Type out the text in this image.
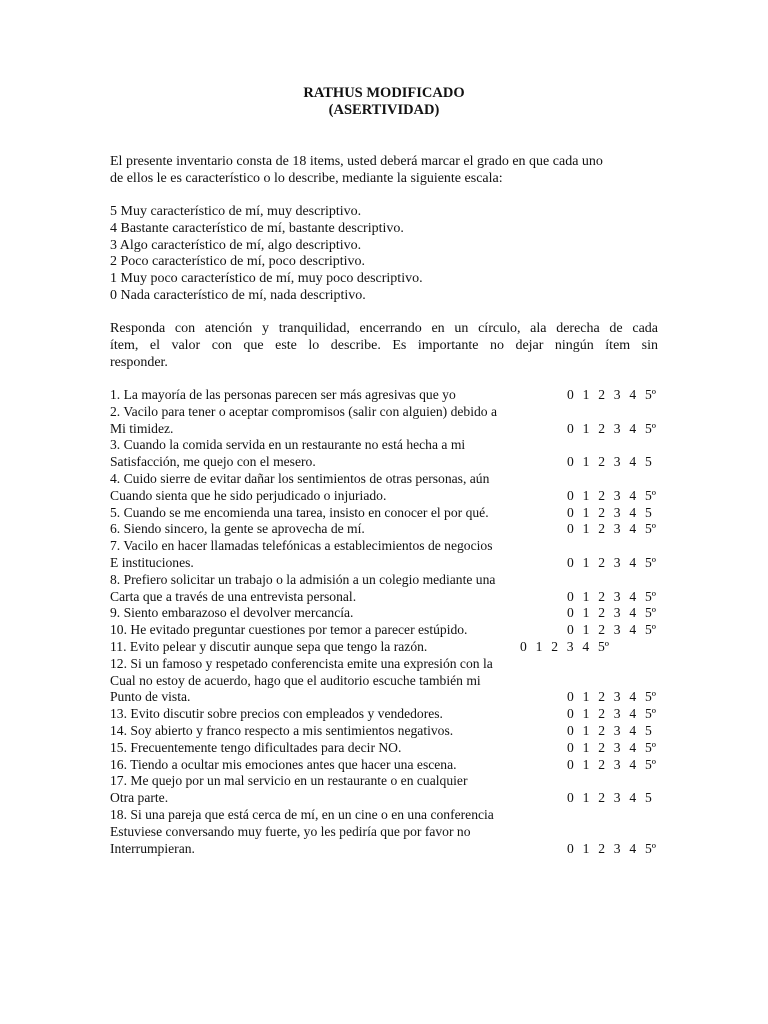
RATHUS MODIFICADO
(ASERTIVIDAD)
El presente inventario consta de 18 items, usted deberá marcar el grado en que cada uno
de ellos le es característico o lo describe, mediante la siguiente escala:
5 Muy característico de mí, muy descriptivo.
4 Bastante característico de mí, bastante descriptivo.
3 Algo característico de mí, algo descriptivo.
2 Poco característico de mí, poco descriptivo.
1 Muy poco característico de mí, muy poco descriptivo.
0 Nada característico de mí, nada descriptivo.
Responda con atención y tranquilidad, encerrando en un círculo, ala derecha de cada
ítem, el valor con que este lo describe. Es importante no dejar ningún ítem sin
responder.
1. La mayoría de las personas parecen ser más agresivas que yo	0 1 2 3 4 5º
2. Vacilo para tener o aceptar compromisos (salir con alguien) debido a
Mi timidez.	0 1 2 3 4 5º
3. Cuando la comida servida en un restaurante no está hecha a mi
Satisfacción, me quejo con el mesero.	0 1 2 3 4 5
4. Cuido sierre de evitar dañar los sentimientos de otras personas, aún
Cuando sienta que he sido perjudicado o injuriado.	0 1 2 3 4 5º
5. Cuando se me encomienda una tarea, insisto en conocer el por qué.	0 1 2 3 4 5
6. Siendo sincero, la gente se aprovecha de mí.	0 1 2 3 4 5º
7. Vacilo en hacer llamadas telefónicas a establecimientos de negocios
E instituciones.	0 1 2 3 4 5º
8. Prefiero solicitar un trabajo o la admisión a un colegio mediante una
Carta que a través de una entrevista personal.	0 1 2 3 4 5º
9. Siento embarazoso el devolver mercancía.	0 1 2 3 4 5º
10. He evitado preguntar cuestiones por temor a parecer estúpido.	0 1 2 3 4 5º
11. Evito pelear y discutir aunque sepa que tengo la razón.	0 1 2 3 4 5º
12. Si un famoso y respetado conferencista emite una expresión con la
Cual no estoy de acuerdo, hago que el auditorio escuche también mi
Punto de vista.	0 1 2 3 4 5º
13. Evito discutir sobre precios con empleados y vendedores.	0 1 2 3 4 5º
14. Soy abierto y franco respecto a mis sentimientos negativos.	0 1 2 3 4 5
15. Frecuentemente tengo dificultades para decir NO.	0 1 2 3 4 5º
16. Tiendo a ocultar mis emociones antes que hacer una escena.	0 1 2 3 4 5º
17. Me quejo por un mal servicio en un restaurante o en cualquier
Otra parte.	0 1 2 3 4 5
18. Si una pareja que está cerca de mí, en un cine o en una conferencia
Estuviese conversando muy fuerte, yo les pediría que por favor no
Interrumpieran.	0 1 2 3 4 5º
